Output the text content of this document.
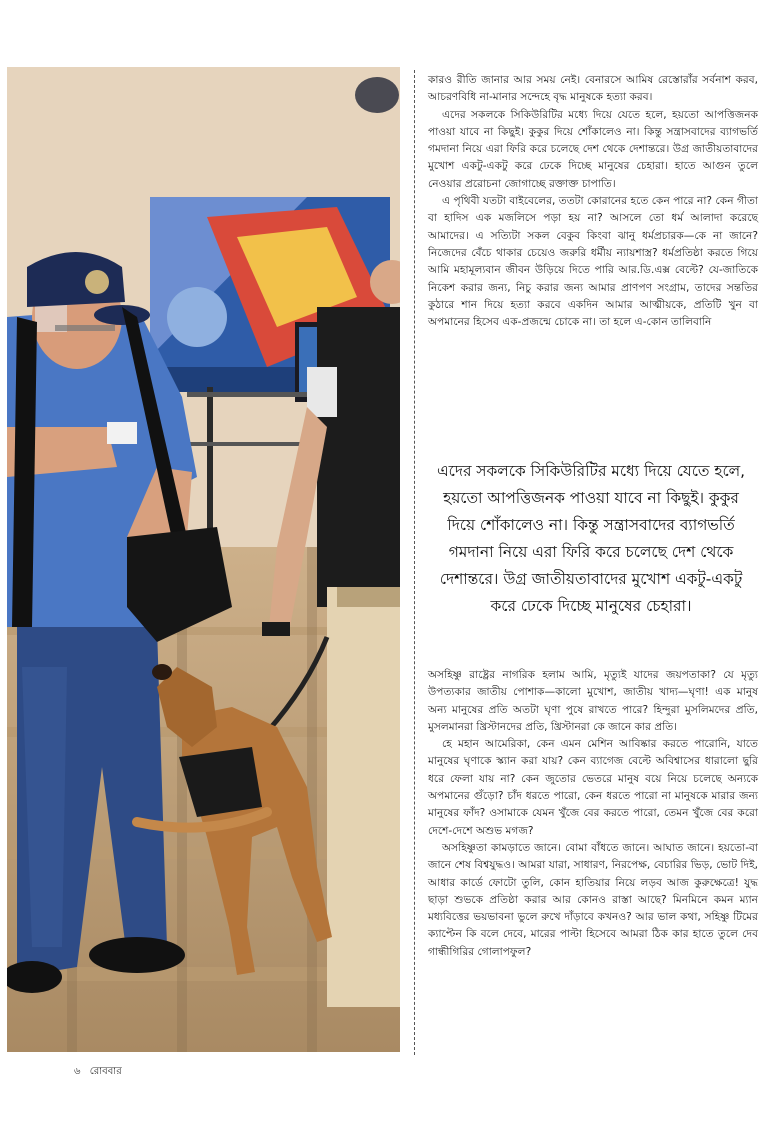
কারও রীতি জানার আর সময় নেই। বেনারসে আমিষ রেস্তোরাঁর সর্বনাশ করব, আচরণবিধি না-মানার সন্দেহে বৃদ্ধ মানুষকে হত্যা করব।

এদের সকলকে সিকিউরিটির মধ্যে দিয়ে যেতে হলে, হয়তো আপত্তিজনক পাওয়া যাবে না কিছুই। কুকুর দিয়ে শোঁকালেও না। কিন্তু সন্ত্রাসবাদের ব্যাগভর্তি গমদানা নিয়ে এরা ফিরি করে চলেছে দেশ থেকে দেশান্তরে। উগ্র জাতীয়তাবাদের মুখোশ একটু-একটু করে ঢেকে দিচ্ছে মানুষের চেহারা। হাতে আগুন তুলে নেওয়ার প্ররোচনা জোগাচ্ছে রক্তাক্ত চাপাতি।

এ পৃথিবী যতটা বাইবেলের, ততটা কোরানের হতে কেন পারে না? কেন গীতা বা হাদিস এক মজলিসে পড়া হয় না? আসলে তো ধর্ম আলাদা করেছে আমাদের। এ সত্যিটা সকল বেকুব কিংবা ঝানু ধর্মপ্রচারক—কে না জানে? নিজেদের বেঁচে থাকার চেয়েও জরুরি ধর্মীয় ন্যায়শাস্ত্র? ধর্মপ্রতিষ্ঠা করতে গিয়ে আমি মহামূল্যবান জীবন উড়িয়ে দিতে পারি আর.ডি.এক্স বেল্টে? যে-জাতিকে নিকেশ করার জন্য, নিচু করার জন্য আমার প্রাণপণ সংগ্রাম, তাদের সন্ততির কুঠারে শান দিয়ে হত্যা করবে একদিন আমার আত্মীয়কে, প্রতিটি খুন বা অপমানের হিসেব এক-প্রজন্মে চোকে না। তা হলে এ-কোন তালিবানি

এদের সকলকে সিকিউরিটির মধ্যে দিয়ে যেতে হলে, হয়তো আপত্তিজনক পাওয়া যাবে না কিছুই। কুকুর দিয়ে শোঁকালেও না। কিন্তু সন্ত্রাসবাদের ব্যাগভর্তি গমদানা নিয়ে এরা ফিরি করে চলেছে দেশ থেকে দেশান্তরে। উগ্র জাতীয়তাবাদের মুখোশ একটু-একটু করে ঢেকে দিচ্ছে মানুষের চেহারা।

অসহিষ্ণু রাষ্ট্রের নাগরিক হলাম আমি, মৃত্যুই যাদের জয়পতাকা? যে মৃত্যু উপত্যকার জাতীয় পোশাক—কালো মুখোশ, জাতীয় খাদ্য—ঘৃণা! এক মানুষ অন্য মানুষের প্রতি অতটা ঘৃণা পুষে রাখতে পারে? হিন্দুরা মুসলিমদের প্রতি, মুসলমানরা খ্রিস্টানদের প্রতি, খ্রিস্টানরা কে জানে কার প্রতি।

হে মহান আমেরিকা, কেন এমন মেশিন আবিষ্কার করতে পারোনি, যাতে মানুষের ঘৃণাকে স্ক্যান করা যায়? কেন ব্যাগেজ বেল্টে অবিশ্বাসের ধারালো ছুরি ধরে ফেলা যায় না? কেন জুতোর ভেতরে মানুষ বয়ে নিয়ে চলেছে অন্যকে অপমানের গুঁড়ো? চাঁদ ধরতে পারো, কেন ধরতে পারো না মানুষকে মারার জন্য মানুষের ফাঁদ? ওসামাকে যেমন খুঁজে বের করতে পারো, তেমন খুঁজে বের করো দেশে-দেশে অশুভ মগজ?

অসহিষ্ণুতা কামড়াতে জানে। বোমা বাঁধতে জানে। আঘাত জানে। হয়তো-বা জানে শেষ বিশ্বযুদ্ধও। আমরা যারা, সাধারণ, নিরপেক্ষ, বেচারির ভিড়, ভোট দিই, আধার কার্ডে ফোটো তুলি, কোন হাতিয়ার নিয়ে লড়ব আজ কুরুক্ষেত্রে! যুদ্ধ ছাড়া শুভকে প্রতিষ্ঠা করার আর কোনও রাস্তা আছে? মিনমিনে কমন ম্যান মধ্যবিত্তের ভয়ভাবনা ভুলে রুখে দাঁড়াবে কখনও? আর ভাল কথা, সহিষ্ণু টিমের ক্যাপ্টেন কি বলে দেবে, মারের পাল্টা হিসেবে আমরা ঠিক কার হাতে তুলে দেব গান্ধীগিরির গোলাপফুল?

৬ রোববার
